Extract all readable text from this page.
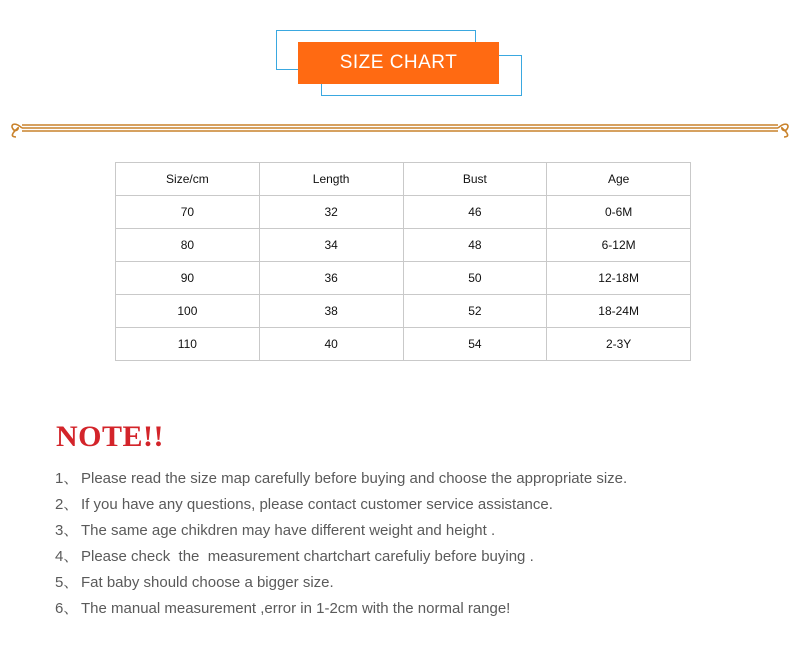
SIZE CHART
Size/cm	Length	Bust	Age
70	32	46	0-6M
80	34	48	6-12M
90	36	50	12-18M
100	38	52	18-24M
110	40	54	2-3Y
NOTE!!
1、 Please read the size map carefully before buying and choose the appropriate size.
2、 If you have any questions, please contact customer service assistance.
3、 The same age chikdren may have different weight and height .
4、 Please check  the  measurement chartchart carefuliy before buying .
5、 Fat baby should choose a bigger size.
6、 The manual measurement ,error in 1-2cm with the normal range!
